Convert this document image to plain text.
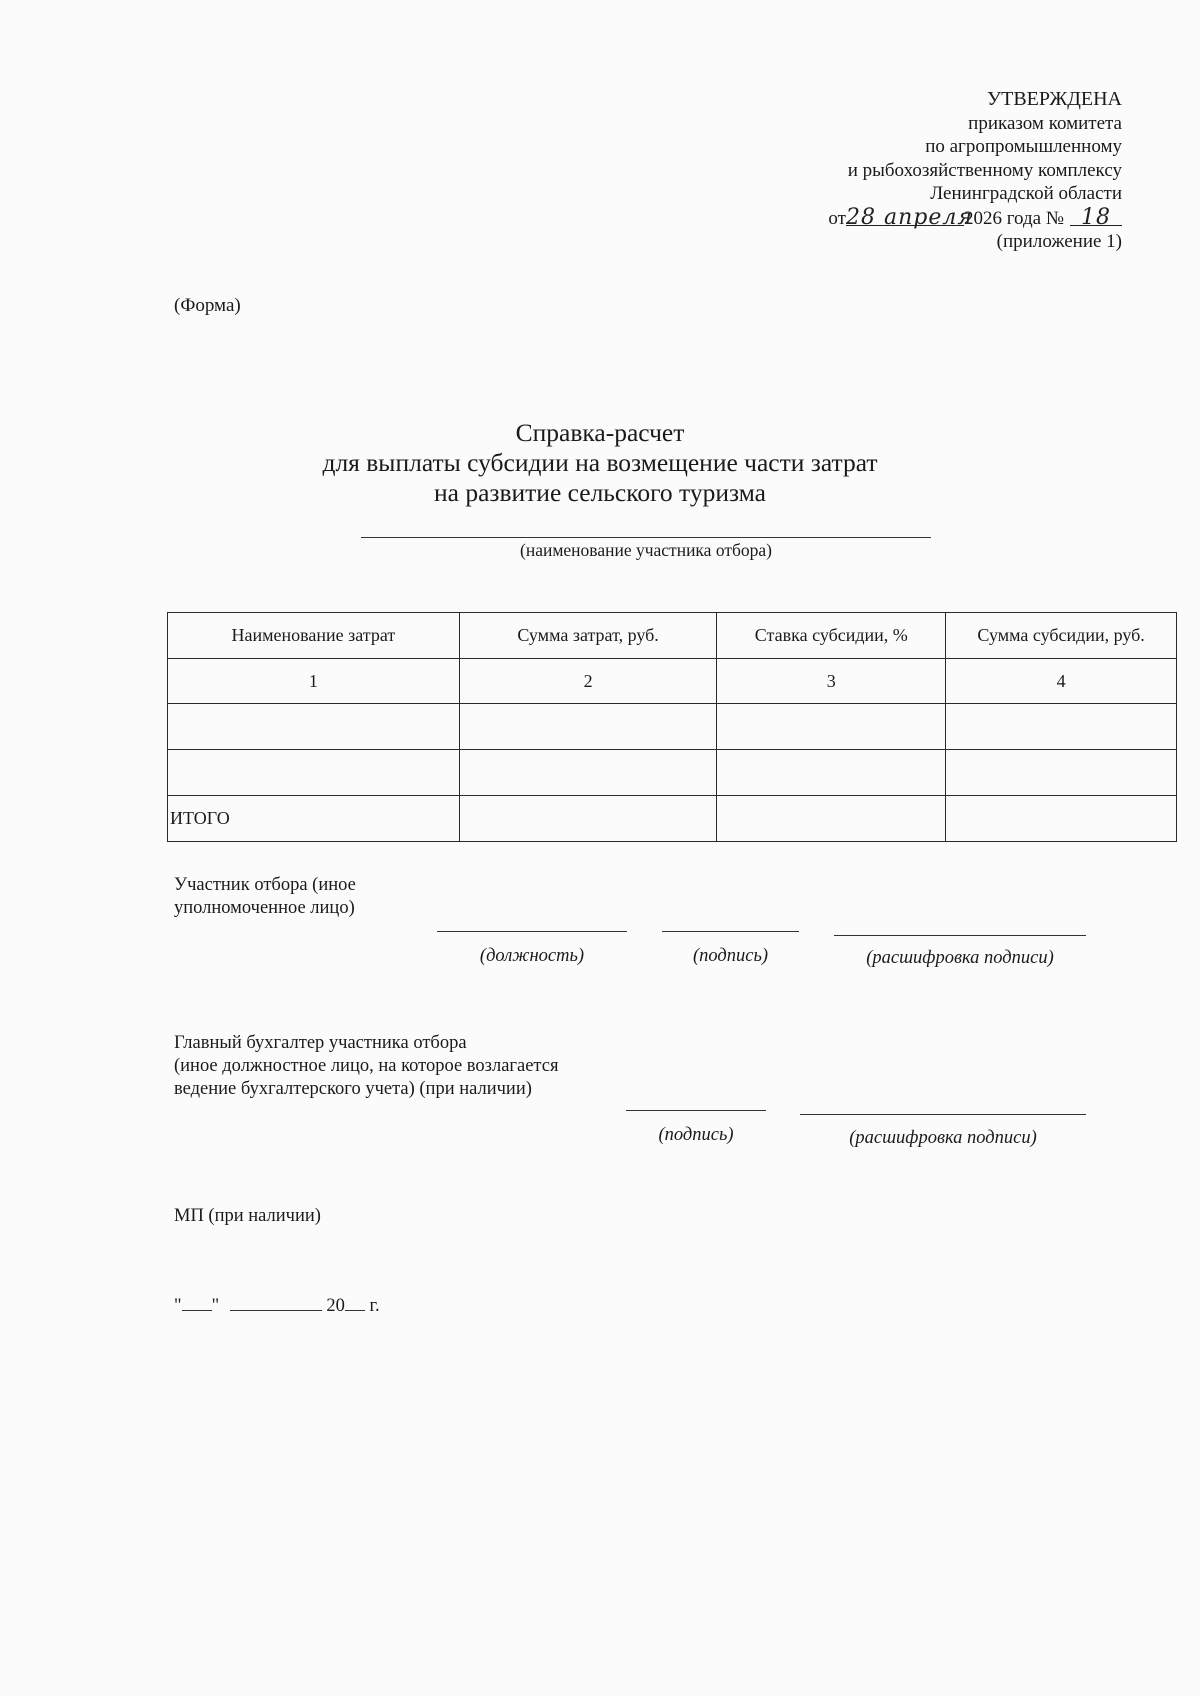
УТВЕРЖДЕНА
приказом комитета
по агропромышленному
и рыбохозяйственному комплексу
Ленинградской области
от28 апреля
2026 года № 18
(приложение 1)
(Форма)
Справка-расчет
для выплаты субсидии на возмещение части затрат
на развитие сельского туризма
(наименование участника отбора)
Наименование затрат	Сумма затрат, руб.	Ставка субсидии, %	Сумма субсидии, руб.
1	2	3	4

ИТОГО			
Участник отбора (иное
уполномоченное лицо)
(должность)	(подпись)	(расшифровка подписи)
Главный бухгалтер участника отбора
(иное должностное лицо, на которое возлагается
ведение бухгалтерского учета) (при наличии)
(подпись)	(расшифровка подписи)
МП (при наличии)
" "	20 г.
